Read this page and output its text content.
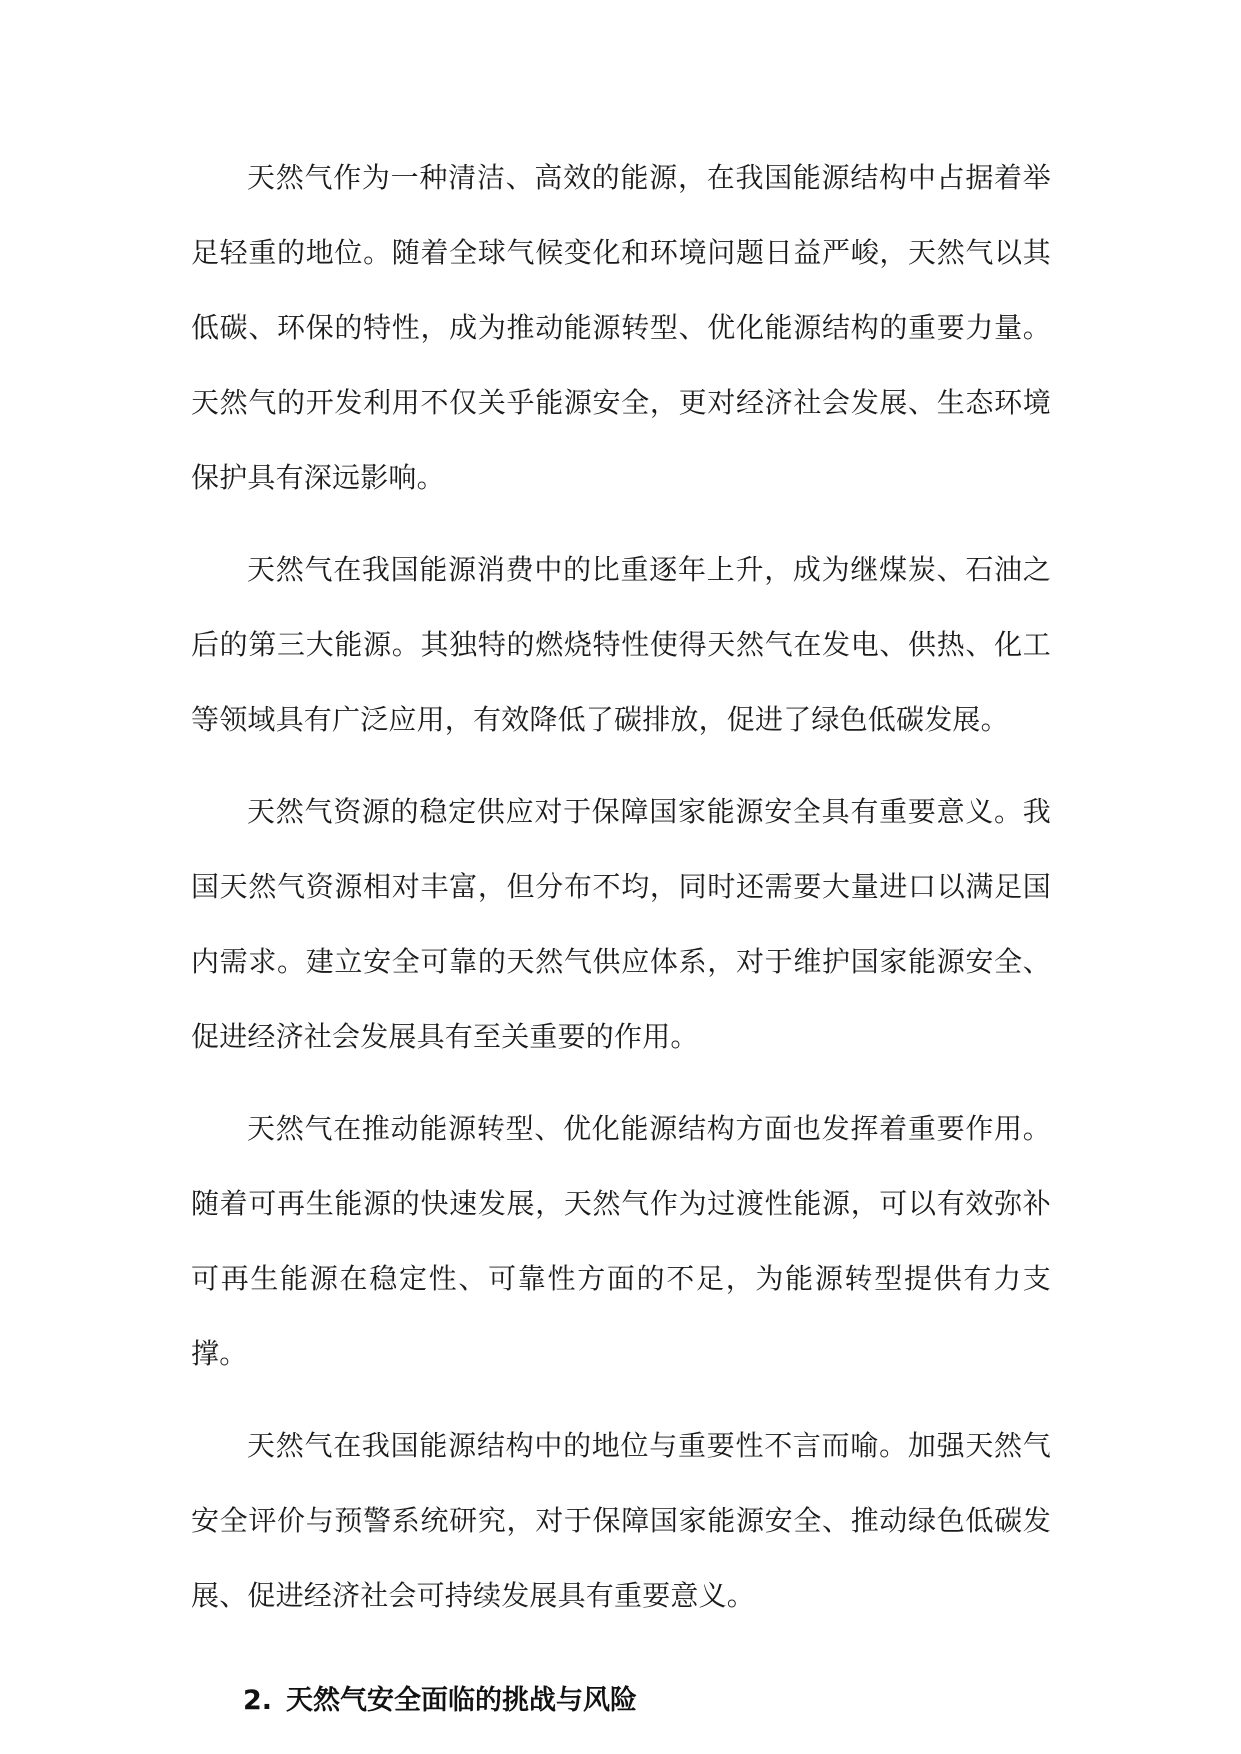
天然气作为一种清洁、高效的能源，在我国能源结构中占据着举足轻重的地位。随着全球气候变化和环境问题日益严峻，天然气以其低碳、环保的特性，成为推动能源转型、优化能源结构的重要力量。天然气的开发利用不仅关乎能源安全，更对经济社会发展、生态环境保护具有深远影响。

天然气在我国能源消费中的比重逐年上升，成为继煤炭、石油之后的第三大能源。其独特的燃烧特性使得天然气在发电、供热、化工等领域具有广泛应用，有效降低了碳排放，促进了绿色低碳发展。

天然气资源的稳定供应对于保障国家能源安全具有重要意义。我国天然气资源相对丰富，但分布不均，同时还需要大量进口以满足国内需求。建立安全可靠的天然气供应体系，对于维护国家能源安全、促进经济社会发展具有至关重要的作用。

天然气在推动能源转型、优化能源结构方面也发挥着重要作用。随着可再生能源的快速发展，天然气作为过渡性能源，可以有效弥补可再生能源在稳定性、可靠性方面的不足，为能源转型提供有力支撑。

天然气在我国能源结构中的地位与重要性不言而喻。加强天然气安全评价与预警系统研究，对于保障国家能源安全、推动绿色低碳发展、促进经济社会可持续发展具有重要意义。

2. 天然气安全面临的挑战与风险
